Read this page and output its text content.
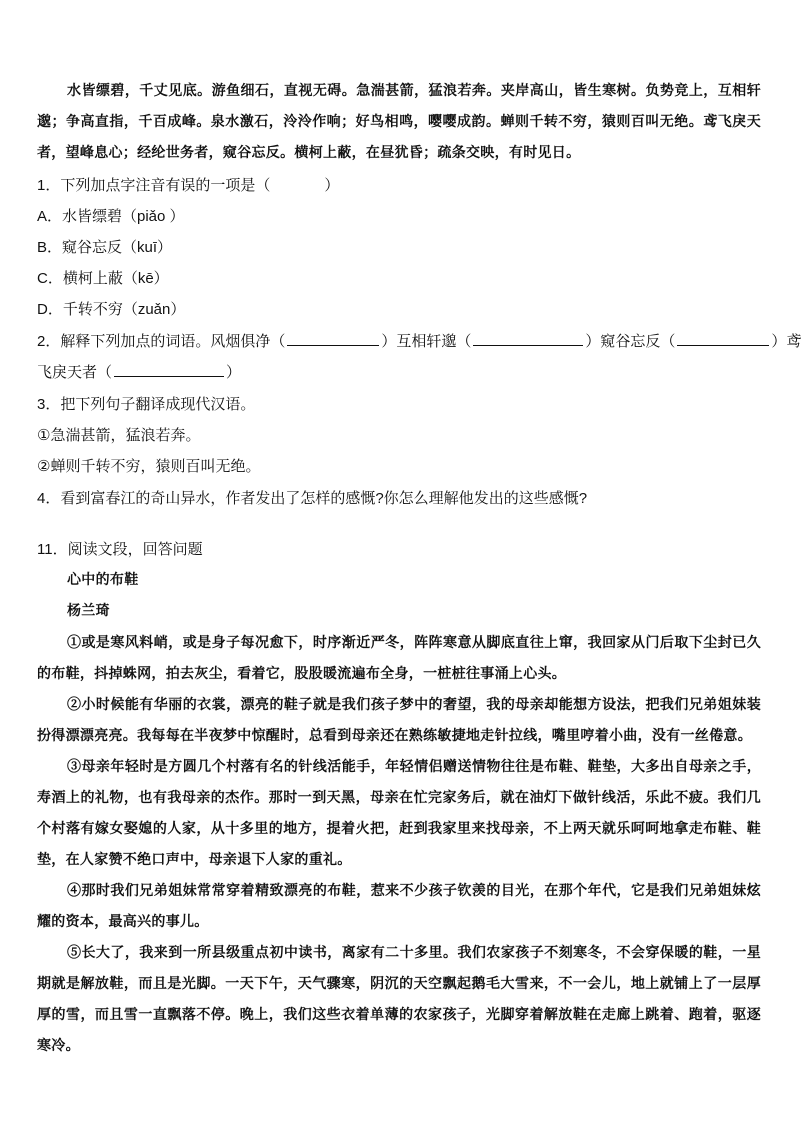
水皆缥碧，千丈见底。游鱼细石，直视无碍。急湍甚箭，猛浪若奔。夹岸高山，皆生寒树。负势竞上，互相轩邈；争高直指，千百成峰。泉水激石，泠泠作响；好鸟相鸣，嘤嘤成韵。蝉则千转不穷，猿则百叫无绝。鸢飞戾天者，望峰息心；经纶世务者，窥谷忘反。横柯上蔽，在昼犹昏；疏条交映，有时见日。

1．下列加点字注音有误的一项是（	）

A．水皆缥碧（piǎo ）

B．窥谷忘反（kuī）

C．横柯上蔽（kē）

D．千转不穷（zuǎn）

2．解释下列加点的词语。风烟俱净（	）互相轩邈（	）窥谷忘反（	）鸢

飞戾天者（	）

3．把下列句子翻译成现代汉语。

①急湍甚箭，猛浪若奔。

②蝉则千转不穷，猿则百叫无绝。

4．看到富春江的奇山异水，作者发出了怎样的感慨?你怎么理解他发出的这些感慨?

11．阅读文段，回答问题

心中的布鞋

杨兰琦

①或是寒风料峭，或是身子每况愈下，时序渐近严冬，阵阵寒意从脚底直往上窜，我回家从门后取下尘封已久的布鞋，抖掉蛛网，拍去灰尘，看着它，股股暖流遍布全身，一桩桩往事涌上心头。

②小时候能有华丽的衣裳，漂亮的鞋子就是我们孩子梦中的奢望，我的母亲却能想方设法，把我们兄弟姐妹装扮得漂漂亮亮。我每每在半夜梦中惊醒时，总看到母亲还在熟练敏捷地走针拉线，嘴里哼着小曲，没有一丝倦意。

③母亲年轻时是方圆几个村落有名的针线活能手，年轻情侣赠送情物往往是布鞋、鞋垫，大多出自母亲之手，寿酒上的礼物，也有我母亲的杰作。那时一到天黑，母亲在忙完家务后，就在油灯下做针线活，乐此不疲。我们几个村落有嫁女娶媳的人家，从十多里的地方，提着火把，赶到我家里来找母亲，不上两天就乐呵呵地拿走布鞋、鞋垫，在人家赞不绝口声中，母亲退下人家的重礼。

④那时我们兄弟姐妹常常穿着精致漂亮的布鞋，惹来不少孩子钦羡的目光，在那个年代，它是我们兄弟姐妹炫耀的资本，最高兴的事儿。

⑤长大了，我来到一所县级重点初中读书，离家有二十多里。我们农家孩子不刻寒冬，不会穿保暖的鞋，一星期就是解放鞋，而且是光脚。一天下午，天气骤寒，阴沉的天空飘起鹅毛大雪来，不一会儿，地上就铺上了一层厚厚的雪，而且雪一直飘落不停。晚上，我们这些衣着单薄的农家孩子，光脚穿着解放鞋在走廊上跳着、跑着，驱逐寒冷。
